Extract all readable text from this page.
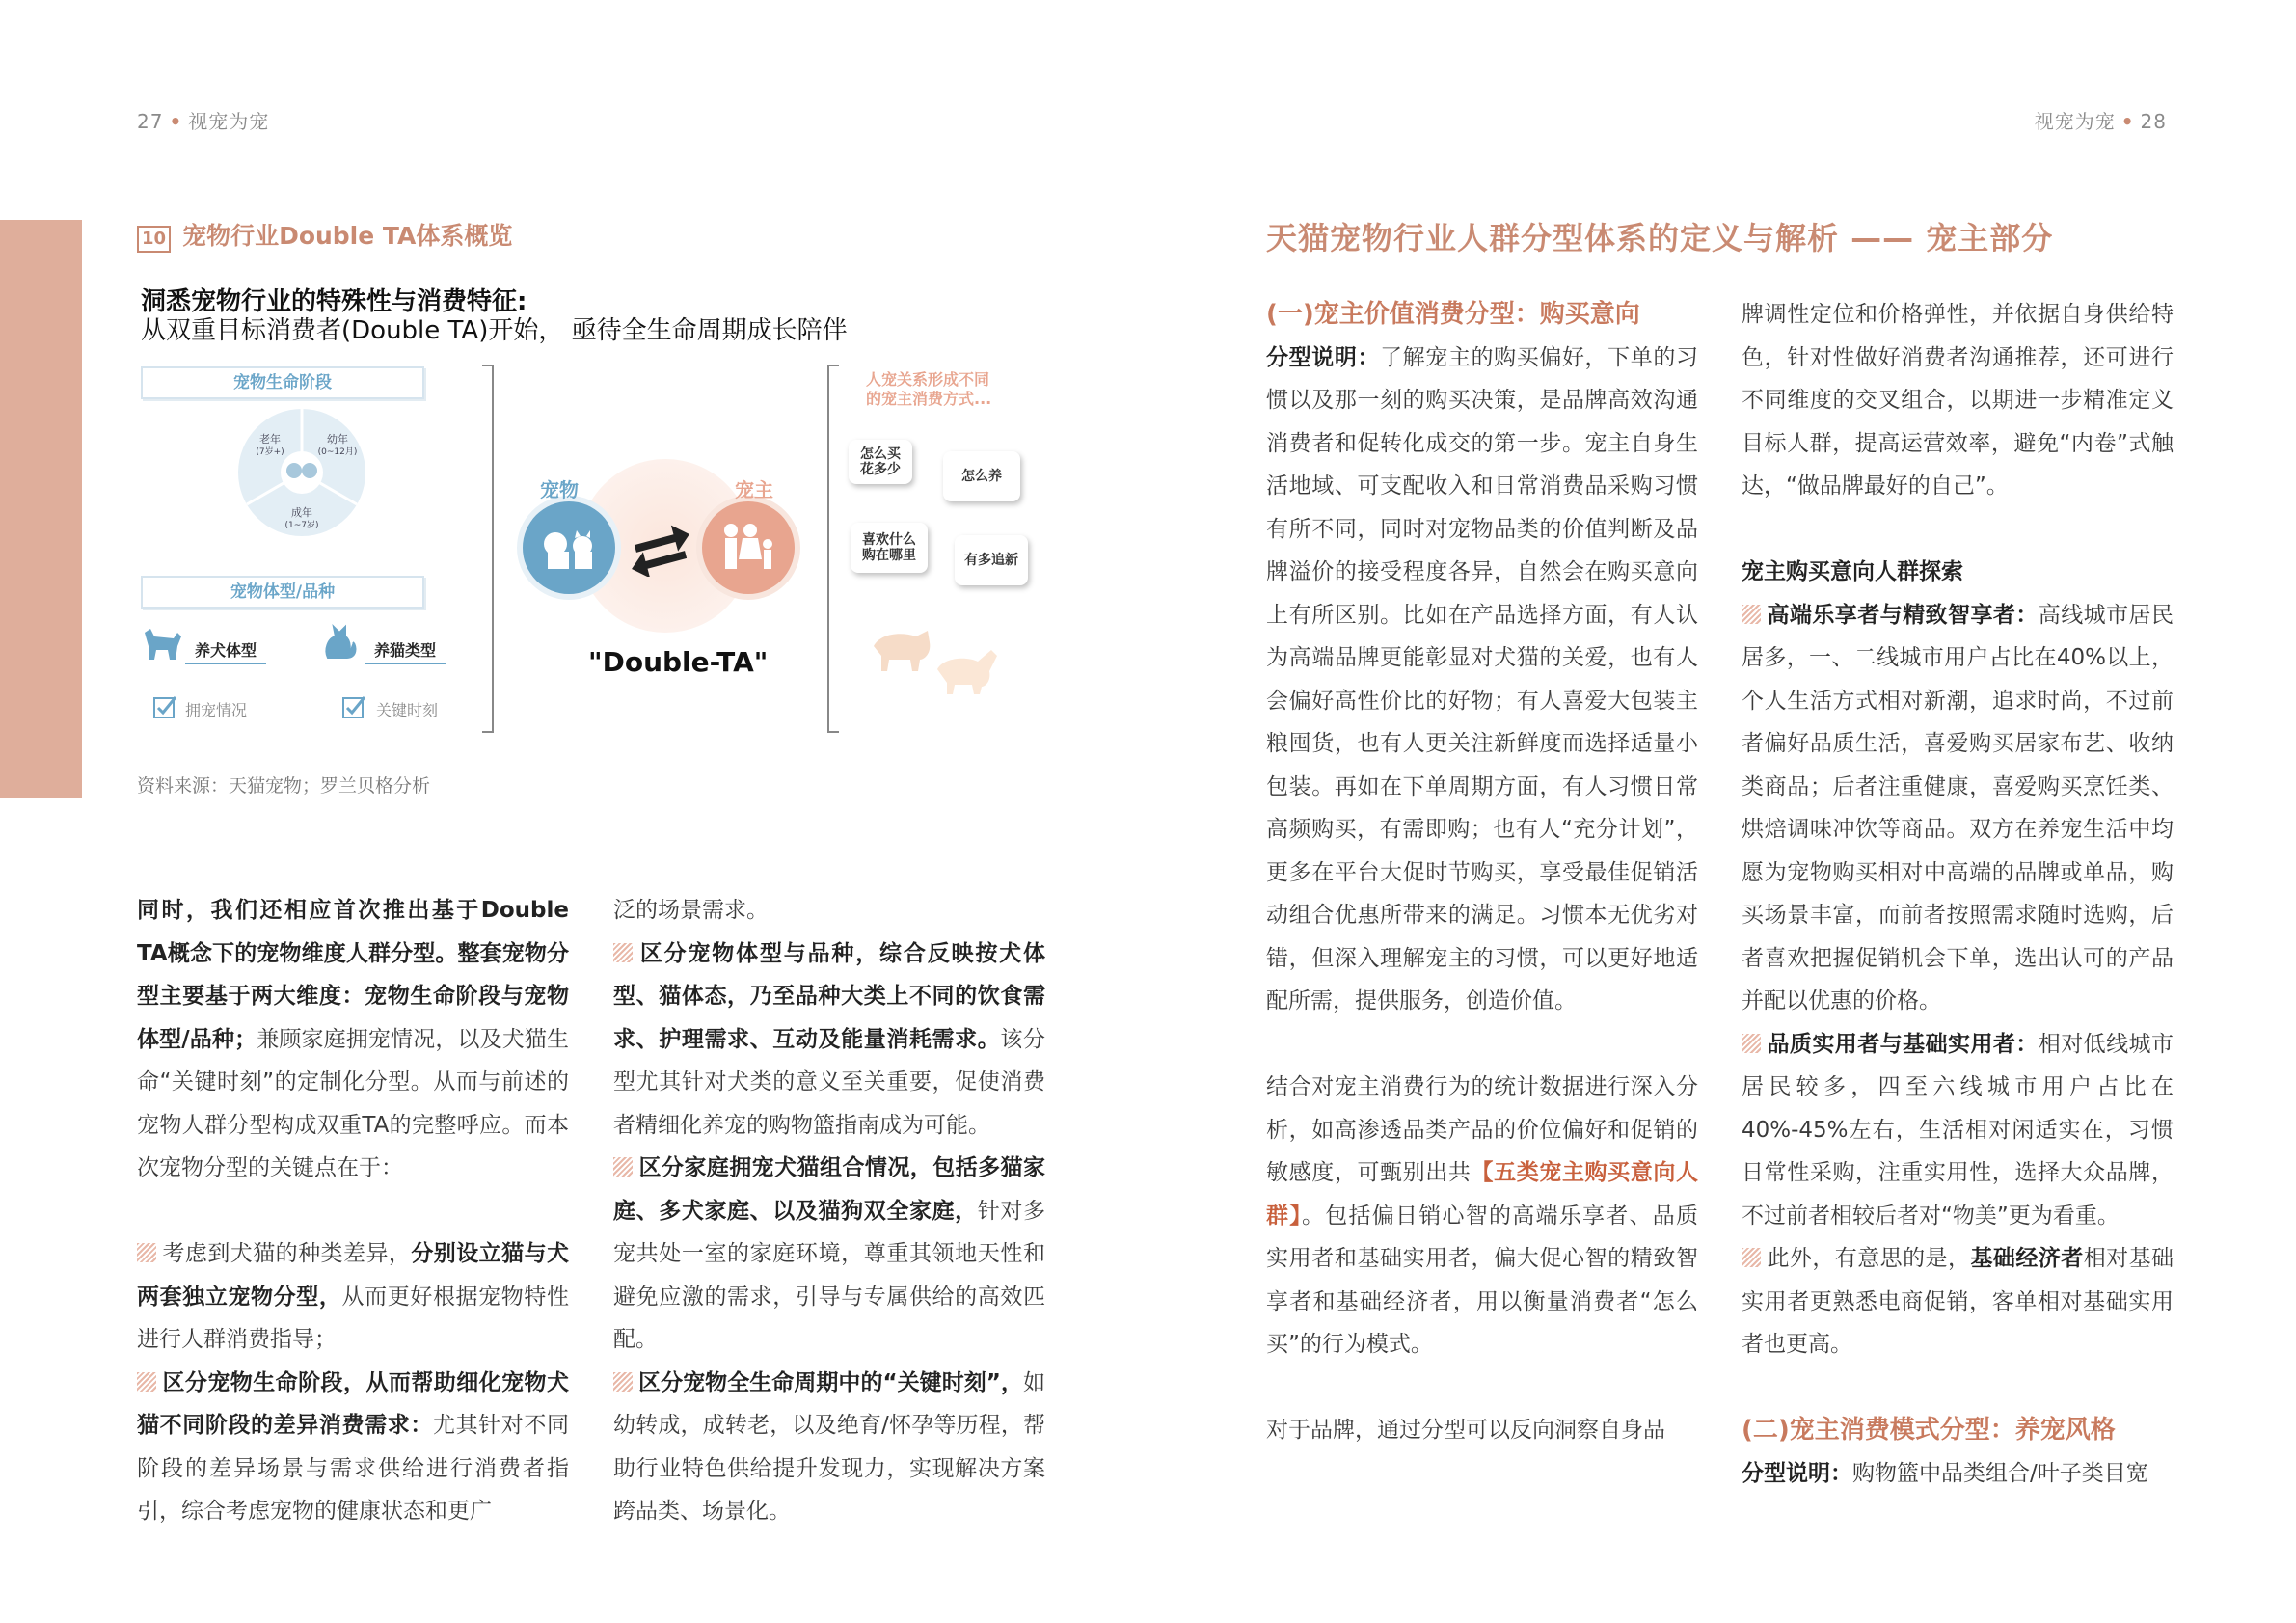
27 • 视宠为宠	视宠为宠 • 28
10 宠物行业Double TA体系概览
洞悉宠物行业的特殊性与消费特征:
从双重目标消费者(Double TA)开始， 亟待全生命周期成长陪伴
宠物生命阶段
老年
(7岁+)
幼年
(0~12月)
成年
(1~7岁)
宠物体型/品种
养犬体型	养猫类型
拥宠情况	关键时刻
宠物	宠主
"Double-TA"
人宠关系形成不同
的宠主消费方式...
怎么买
花多少	怎么养
喜欢什么
购在哪里	有多追新
资料来源：天猫宠物；罗兰贝格分析

同时，我们还相应首次推出基于Double TA概念下的宠物维度人群分型。整套宠物分型主要基于两大维度：宠物生命阶段与宠物体型/品种；兼顾家庭拥宠情况，以及犬猫生命“关键时刻”的定制化分型。从而与前述的宠物人群分型构成双重TA的完整呼应。而本次宠物分型的关键点在于：

考虑到犬猫的种类差异，分别设立猫与犬两套独立宠物分型，从而更好根据宠物特性进行人群消费指导；

区分宠物生命阶段，从而帮助细化宠物犬猫不同阶段的差异消费需求：尤其针对不同阶段的差异场景与需求供给进行消费者指引，综合考虑宠物的健康状态和更广

泛的场景需求。

区分宠物体型与品种，综合反映按犬体型、猫体态，乃至品种大类上不同的饮食需求、护理需求、互动及能量消耗需求。该分型尤其针对犬类的意义至关重要，促使消费者精细化养宠的购物篮指南成为可能。

区分家庭拥宠犬猫组合情况，包括多猫家庭、多犬家庭、以及猫狗双全家庭，针对多宠共处一室的家庭环境，尊重其领地天性和避免应激的需求，引导与专属供给的高效匹配。

区分宠物全生命周期中的“关键时刻”，如幼转成，成转老，以及绝育/怀孕等历程，帮助行业特色供给提升发现力，实现解决方案跨品类、场景化。

天猫宠物行业人群分型体系的定义与解析 —— 宠主部分

(一)宠主价值消费分型：购买意向

分型说明：了解宠主的购买偏好，下单的习惯以及那一刻的购买决策，是品牌高效沟通消费者和促转化成交的第一步。宠主自身生活地域、可支配收入和日常消费品采购习惯有所不同，同时对宠物品类的价值判断及品牌溢价的接受程度各异，自然会在购买意向上有所区别。比如在产品选择方面，有人认为高端品牌更能彰显对犬猫的关爱，也有人会偏好高性价比的好物；有人喜爱大包装主粮囤货，也有人更关注新鲜度而选择适量小包装。再如在下单周期方面，有人习惯日常高频购买，有需即购；也有人“充分计划”，更多在平台大促时节购买，享受最佳促销活动组合优惠所带来的满足。习惯本无优劣对错，但深入理解宠主的习惯，可以更好地适配所需，提供服务，创造价值。

结合对宠主消费行为的统计数据进行深入分析，如高渗透品类产品的价位偏好和促销的敏感度，可甄别出共【五类宠主购买意向人群】。包括偏日销心智的高端乐享者、品质实用者和基础实用者，偏大促心智的精致智享者和基础经济者，用以衡量消费者“怎么买”的行为模式。

对于品牌，通过分型可以反向洞察自身品

牌调性定位和价格弹性，并依据自身供给特色，针对性做好消费者沟通推荐，还可进行不同维度的交叉组合，以期进一步精准定义目标人群，提高运营效率，避免“内卷”式触达，“做品牌最好的自己”。

宠主购买意向人群探索

高端乐享者与精致智享者：高线城市居民居多，一、二线城市用户占比在40%以上，个人生活方式相对新潮，追求时尚，不过前者偏好品质生活，喜爱购买居家布艺、收纳类商品；后者注重健康，喜爱购买烹饪类、烘焙调味冲饮等商品。双方在养宠生活中均愿为宠物购买相对中高端的品牌或单品，购买场景丰富，而前者按照需求随时选购，后者喜欢把握促销机会下单，选出认可的产品并配以优惠的价格。

品质实用者与基础实用者：相对低线城市居民较多，四至六线城市用户占比在40%-45%左右，生活相对闲适实在，习惯日常性采购，注重实用性，选择大众品牌，不过前者相较后者对“物美”更为看重。

此外，有意思的是，基础经济者相对基础实用者更熟悉电商促销，客单相对基础实用者也更高。

(二)宠主消费模式分型：养宠风格

分型说明：购物篮中品类组合/叶子类目宽
